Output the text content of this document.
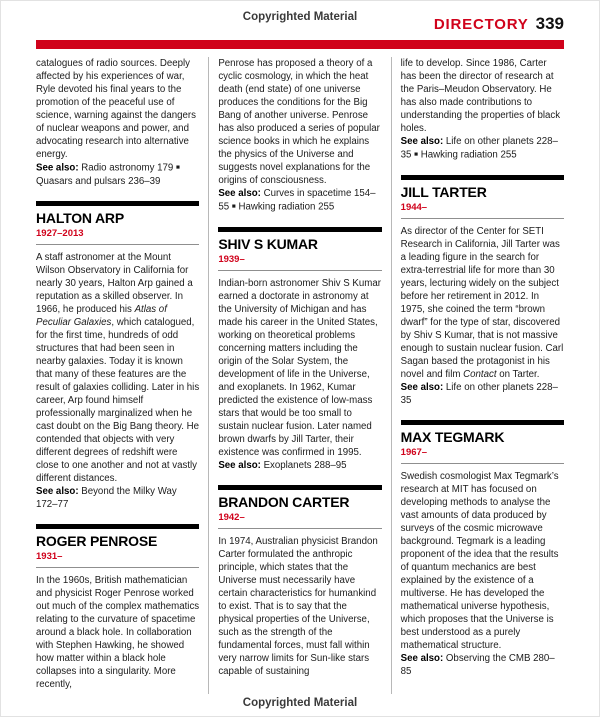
Copyrighted Material	DIRECTORY 339

catalogues of radio sources. Deeply affected by his experiences of war, Ryle devoted his final years to the promotion of the peaceful use of science, warning against the dangers of nuclear weapons and power, and advocating research into alternative energy.

See also: Radio astronomy 179 ■ Quasars and pulsars 236–39

HALTON ARP
1927–2013

A staff astronomer at the Mount Wilson Observatory in California for nearly 30 years, Halton Arp gained a reputation as a skilled observer. In 1966, he produced his Atlas of Peculiar Galaxies, which catalogued, for the first time, hundreds of odd structures that had been seen in nearby galaxies. Today it is known that many of these features are the result of galaxies colliding. Later in his career, Arp found himself professionally marginalized when he cast doubt on the Big Bang theory. He contended that objects with very different degrees of redshift were close to one another and not at vastly different distances.

See also: Beyond the Milky Way 172–77

ROGER PENROSE
1931–

In the 1960s, British mathematician and physicist Roger Penrose worked out much of the complex mathematics relating to the curvature of spacetime around a black hole. In collaboration with Stephen Hawking, he showed how matter within a black hole collapses into a singularity. More recently,

Penrose has proposed a theory of a cyclic cosmology, in which the heat death (end state) of one universe produces the conditions for the Big Bang of another universe. Penrose has also produced a series of popular science books in which he explains the physics of the Universe and suggests novel explanations for the origins of consciousness.

See also: Curves in spacetime 154–55 ■ Hawking radiation 255

SHIV S KUMAR
1939–

Indian-born astronomer Shiv S Kumar earned a doctorate in astronomy at the University of Michigan and has made his career in the United States, working on theoretical problems concerning matters including the origin of the Solar System, the development of life in the Universe, and exoplanets. In 1962, Kumar predicted the existence of low-mass stars that would be too small to sustain nuclear fusion. Later named brown dwarfs by Jill Tarter, their existence was confirmed in 1995.

See also: Exoplanets 288–95

BRANDON CARTER
1942–

In 1974, Australian physicist Brandon Carter formulated the anthropic principle, which states that the Universe must necessarily have certain characteristics for humankind to exist. That is to say that the physical properties of the Universe, such as the strength of the fundamental forces, must fall within very narrow limits for Sun-like stars capable of sustaining

life to develop. Since 1986, Carter has been the director of research at the Paris–Meudon Observatory. He has also made contributions to understanding the properties of black holes.

See also: Life on other planets 228–35 ■ Hawking radiation 255

JILL TARTER
1944–

As director of the Center for SETI Research in California, Jill Tarter was a leading figure in the search for extra-terrestrial life for more than 30 years, lecturing widely on the subject before her retirement in 2012. In 1975, she coined the term “brown dwarf” for the type of star, discovered by Shiv S Kumar, that is not massive enough to sustain nuclear fusion. Carl Sagan based the protagonist in his novel and film Contact on Tarter.

See also: Life on other planets 228–35

MAX TEGMARK
1967–

Swedish cosmologist Max Tegmark’s research at MIT has focused on developing methods to analyse the vast amounts of data produced by surveys of the cosmic microwave background. Tegmark is a leading proponent of the idea that the results of quantum mechanics are best explained by the existence of a multiverse. He has developed the mathematical universe hypothesis, which proposes that the Universe is best understood as a purely mathematical structure.

See also: Observing the CMB 280–85

Copyrighted Material
